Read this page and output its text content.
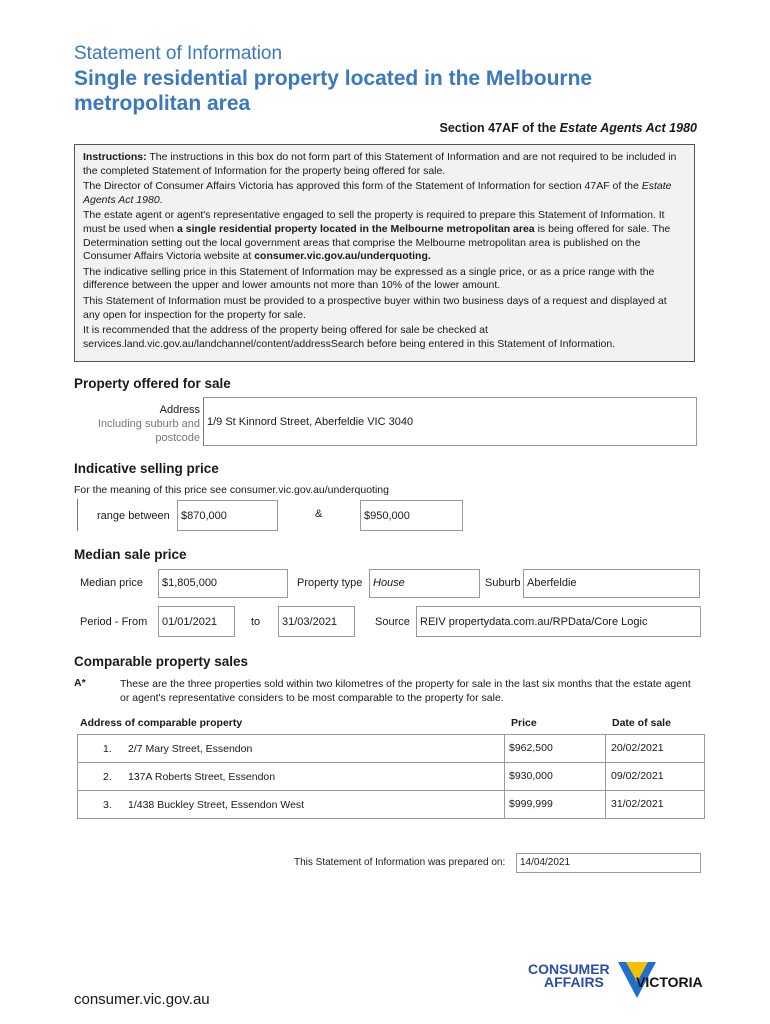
Statement of Information
Single residential property located in the Melbourne metropolitan area
Section 47AF of the Estate Agents Act 1980

Instructions: The instructions in this box do not form part of this Statement of Information and are not required to be included in the completed Statement of Information for the property being offered for sale.

The Director of Consumer Affairs Victoria has approved this form of the Statement of Information for section 47AF of the Estate Agents Act 1980.

The estate agent or agent's representative engaged to sell the property is required to prepare this Statement of Information. It must be used when a single residential property located in the Melbourne metropolitan area is being offered for sale. The Determination setting out the local government areas that comprise the Melbourne metropolitan area is published on the Consumer Affairs Victoria website at consumer.vic.gov.au/underquoting.

The indicative selling price in this Statement of Information may be expressed as a single price, or as a price range with the difference between the upper and lower amounts not more than 10% of the lower amount.

This Statement of Information must be provided to a prospective buyer within two business days of a request and displayed at any open for inspection for the property for sale.

It is recommended that the address of the property being offered for sale be checked at services.land.vic.gov.au/landchannel/content/addressSearch before being entered in this Statement of Information.

Property offered for sale
Address
Including suburb and
postcode
1/9 St Kinnord Street, Aberfeldie VIC 3040
Indicative selling price
For the meaning of this price see consumer.vic.gov.au/underquoting
range between	$870,000	&	$950,000
Median sale price
Median price	$1,805,000	Property type House	Suburb Aberfeldie
Period - From	01/01/2021	to	31/03/2021	Source REIV propertydata.com.au/RPData/Core Logic
Comparable property sales
A*	These are the three properties sold within two kilometres of the property for sale in the last six months that the estate agent or agent's representative considers to be most comparable to the property for sale.
Address of comparable property	Price	Date of sale
1. 2/7 Mary Street, Essendon	$962,500	20/02/2021
2. 137A Roberts Street, Essendon	$930,000	09/02/2021
3. 1/438 Buckley Street, Essendon West	$999,999	31/02/2021
This Statement of Information was prepared on:	14/04/2021
consumer.vic.gov.au
CONSUMER
AFFAIRS VICTORIA
